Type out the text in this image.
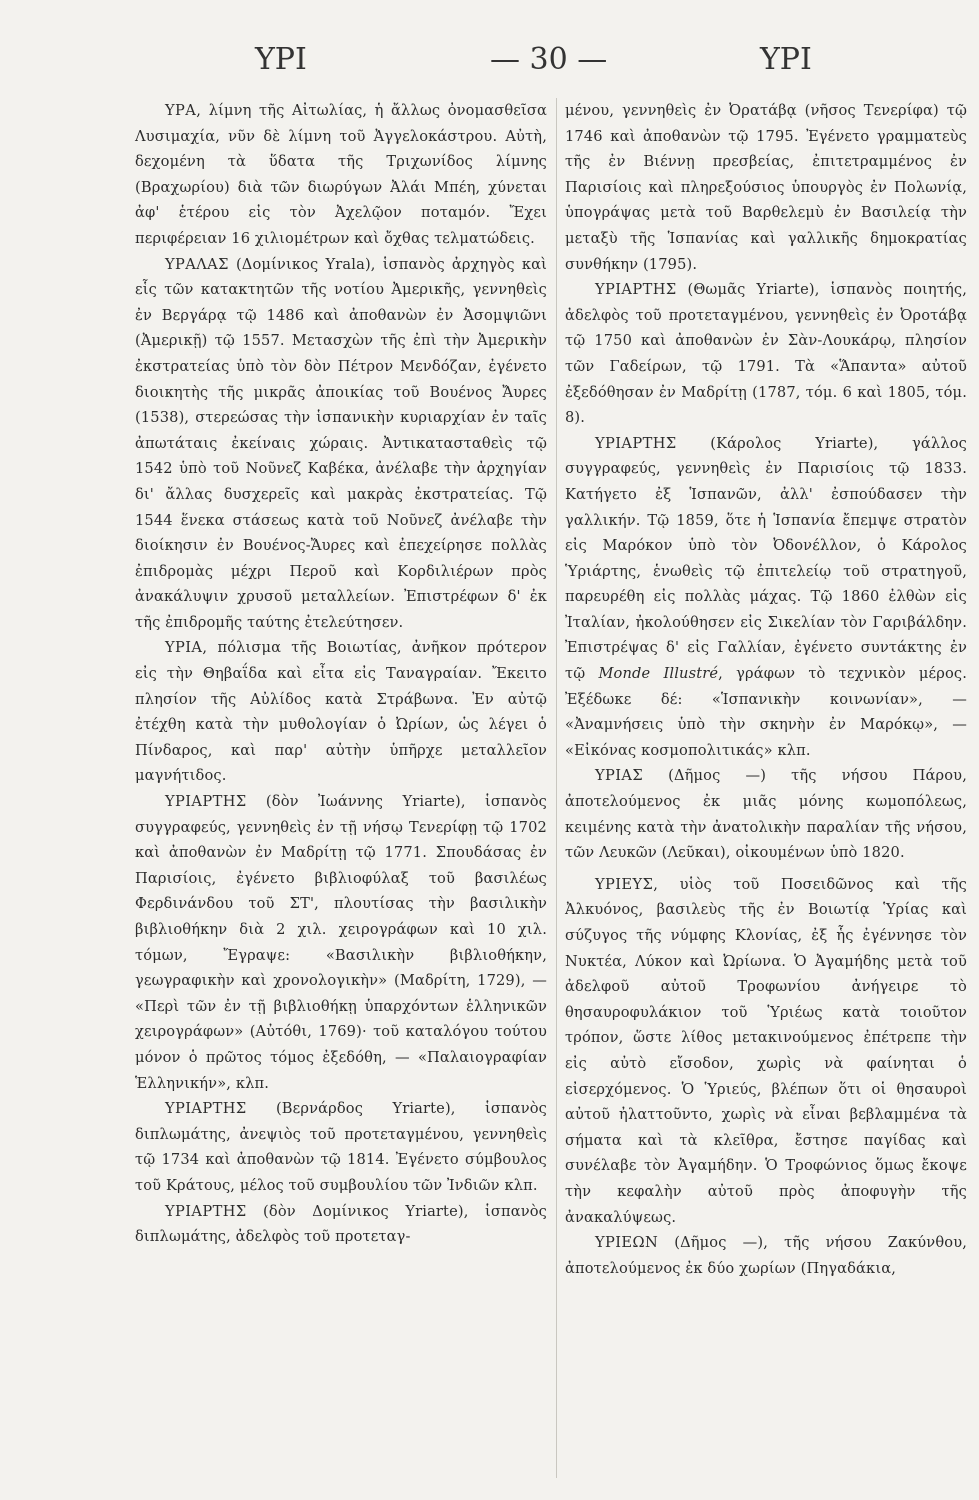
ΥΡΙ	— 30 —	ΥΡΙ

ΥΡΑ, λίμνη τῆς Αἰτωλίας, ἡ ἄλλως ὀνομασθεῖσα Λυσιμαχία, νῦν δὲ λίμνη τοῦ Ἀγγελοκάστρου. Αὐτὴ, δεχομένη τὰ ὕδατα τῆς Τριχωνίδος λίμνης (Βραχωρίου) διὰ τῶν διωρύγων Ἀλάι Μπέη, χύνεται ἀφ' ἑτέρου εἰς τὸν Ἀχελῷον ποταμόν. Ἔχει περιφέρειαν 16 χιλιομέτρων καὶ ὄχθας τελματώδεις.

ΥΡΑΛΑΣ (Δομίνικος Yrala), ἱσπανὸς ἀρχηγὸς καὶ εἷς τῶν κατακτητῶν τῆς νοτίου Ἀμερικῆς, γεννηθεὶς ἐν Βεργάρᾳ τῷ 1486 καὶ ἀποθανὼν ἐν Ἀσομψιῶνι (Ἀμερικῇ) τῷ 1557. Μετασχὼν τῆς ἐπὶ τὴν Ἀμερικὴν ἐκστρατείας ὑπὸ τὸν δὸν Πέτρον Μενδόζαν, ἐγένετο διοικητὴς τῆς μικρᾶς ἀποικίας τοῦ Βουένος Ἄυρες (1538), στερεώσας τὴν ἱσπανικὴν κυριαρχίαν ἐν ταῖς ἀπωτάταις ἐκείναις χώραις. Ἀντικατασταθεὶς τῷ 1542 ὑπὸ τοῦ Νοῦνεζ Καβέκα, ἀνέλαβε τὴν ἀρχηγίαν δι' ἄλλας δυσχερεῖς καὶ μακρὰς ἐκστρατείας. Τῷ 1544 ἕνεκα στάσεως κατὰ τοῦ Νοῦνεζ ἀνέλαβε τὴν διοίκησιν ἐν Βουένος-Ἄυρες καὶ ἐπεχείρησε πολλὰς ἐπιδρομὰς μέχρι Περοῦ καὶ Κορδιλιέρων πρὸς ἀνακάλυψιν χρυσοῦ μεταλλείων. Ἐπιστρέφων δ' ἐκ τῆς ἐπιδρομῆς ταύτης ἐτελεύτησεν.

ΥΡΙΑ, πόλισμα τῆς Βοιωτίας, ἀνῆκον πρότερον εἰς τὴν Θηβαΐδα καὶ εἶτα εἰς Ταναγραίαν. Ἔκειτο πλησίον τῆς Αὐλίδος κατὰ Στράβωνα. Ἐν αὐτῷ ἐτέχθη κατὰ τὴν μυθολογίαν ὁ Ὠρίων, ὡς λέγει ὁ Πίνδαρος, καὶ παρ' αὐτὴν ὑπῆρχε μεταλλεῖον μαγνήτιδος.

ΥΡΙΑΡΤΗΣ (δὸν Ἰωάννης Yriarte), ἱσπανὸς συγγραφεύς, γεννηθεὶς ἐν τῇ νήσῳ Τενερίφῃ τῷ 1702 καὶ ἀποθανὼν ἐν Μαδρίτῃ τῷ 1771. Σπουδάσας ἐν Παρισίοις, ἐγένετο βιβλιοφύλαξ τοῦ βασιλέως Φερδινάνδου τοῦ ΣΤ', πλουτίσας τὴν βασιλικὴν βιβλιοθήκην διὰ 2 χιλ. χειρογράφων καὶ 10 χιλ. τόμων, Ἔγραψε: «Βασιλικὴν βιβλιοθήκην, γεωγραφικὴν καὶ χρονολογικὴν» (Μαδρίτη, 1729), — «Περὶ τῶν ἐν τῇ βιβλιοθήκῃ ὑπαρχόντων ἑλληνικῶν χειρογράφων» (Αὐτόθι, 1769)· τοῦ καταλόγου τούτου μόνον ὁ πρῶτος τόμος ἐξεδόθη, — «Παλαιογραφίαν Ἑλληνικήν», κλπ.

ΥΡΙΑΡΤΗΣ (Βερνάρδος Yriarte), ἱσπανὸς διπλωμάτης, ἀνεψιὸς τοῦ προτεταγμένου, γεννηθεὶς τῷ 1734 καὶ ἀποθανὼν τῷ 1814. Ἐγένετο σύμβουλος τοῦ Κράτους, μέλος τοῦ συμβουλίου τῶν Ἰνδιῶν κλπ.

ΥΡΙΑΡΤΗΣ (δὸν Δομίνικος Yriarte), ἱσπανὸς διπλωμάτης, ἀδελφὸς τοῦ προτεταγ-

μένου, γεννηθεὶς ἐν Ὀρατάβᾳ (νῆσος Τενερίφα) τῷ 1746 καὶ ἀποθανὼν τῷ 1795. Ἐγένετο γραμματεὺς τῆς ἐν Βιέννῃ πρεσβείας, ἐπιτετραμμένος ἐν Παρισίοις καὶ πληρεξούσιος ὑπουργὸς ἐν Πολωνίᾳ, ὑπογράψας μετὰ τοῦ Βαρθελεμὺ ἐν Βασιλείᾳ τὴν μεταξὺ τῆς Ἱσπανίας καὶ γαλλικῆς δημοκρατίας συνθήκην (1795).

ΥΡΙΑΡΤΗΣ (Θωμᾶς Yriarte), ἱσπανὸς ποιητής, ἀδελφὸς τοῦ προτεταγμένου, γεννηθεὶς ἐν Ὀροτάβᾳ τῷ 1750 καὶ ἀποθανὼν ἐν Σὰν-Λουκάρῳ, πλησίον τῶν Γαδείρων, τῷ 1791. Τὰ «Ἅπαντα» αὐτοῦ ἐξεδόθησαν ἐν Μαδρίτῃ (1787, τόμ. 6 καὶ 1805, τόμ. 8).

ΥΡΙΑΡΤΗΣ (Κάρολος Yriarte), γάλλος συγγραφεύς, γεννηθεὶς ἐν Παρισίοις τῷ 1833. Κατήγετο ἐξ Ἱσπανῶν, ἀλλ' ἐσπούδασεν τὴν γαλλικήν. Τῷ 1859, ὅτε ἡ Ἱσπανία ἔπεμψε στρατὸν εἰς Μαρόκον ὑπὸ τὸν Ὀδονέλλον, ὁ Κάρολος Ὑριάρτης, ἑνωθεὶς τῷ ἐπιτελείῳ τοῦ στρατηγοῦ, παρευρέθη εἰς πολλὰς μάχας. Τῷ 1860 ἐλθὼν εἰς Ἰταλίαν, ἠκολούθησεν εἰς Σικελίαν τὸν Γαριβάλδην. Ἐπιστρέψας δ' εἰς Γαλλίαν, ἐγένετο συντάκτης ἐν τῷ Monde Illustré, γράφων τὸ τεχνικὸν μέρος. Ἐξέδωκε δέ: «Ἱσπανικὴν κοινωνίαν», — «Ἀναμνήσεις ὑπὸ τὴν σκηνὴν ἐν Μαρόκῳ», — «Εἰκόνας κοσμοπολιτικάς» κλπ.

ΥΡΙΑΣ (Δῆμος —) τῆς νήσου Πάρου, ἀποτελούμενος ἐκ μιᾶς μόνης κωμοπόλεως, κειμένης κατὰ τὴν ἀνατολικὴν παραλίαν τῆς νήσου, τῶν Λευκῶν (Λεῦκαι), οἰκουμένων ὑπὸ 1820.

ΥΡΙΕΥΣ, υἱὸς τοῦ Ποσειδῶνος καὶ τῆς Ἀλκυόνος, βασιλεὺς τῆς ἐν Βοιωτίᾳ Ὑρίας καὶ σύζυγος τῆς νύμφης Κλονίας, ἐξ ἧς ἐγέννησε τὸν Νυκτέα, Λύκον καὶ Ὠρίωνα. Ὁ Ἀγαμήδης μετὰ τοῦ ἀδελφοῦ αὐτοῦ Τροφωνίου ἀνήγειρε τὸ θησαυροφυλάκιον τοῦ Ὑριέως κατὰ τοιοῦτον τρόπον, ὥστε λίθος μετακινούμενος ἐπέτρεπε τὴν εἰς αὐτὸ εἴσοδον, χωρὶς νὰ φαίνηται ὁ εἰσερχόμενος. Ὁ Ὑριεύς, βλέπων ὅτι οἱ θησαυροὶ αὐτοῦ ἠλαττοῦντο, χωρὶς νὰ εἶναι βεβλαμμένα τὰ σήματα καὶ τὰ κλεῖθρα, ἔστησε παγίδας καὶ συνέλαβε τὸν Ἀγαμήδην. Ὁ Τροφώνιος ὅμως ἔκοψε τὴν κεφαλὴν αὐτοῦ πρὸς ἀποφυγὴν τῆς ἀνακαλύψεως.

ΥΡΙΕΩΝ (Δῆμος —), τῆς νήσου Ζακύνθου, ἀποτελούμενος ἐκ δύο χωρίων (Πηγαδάκια,
